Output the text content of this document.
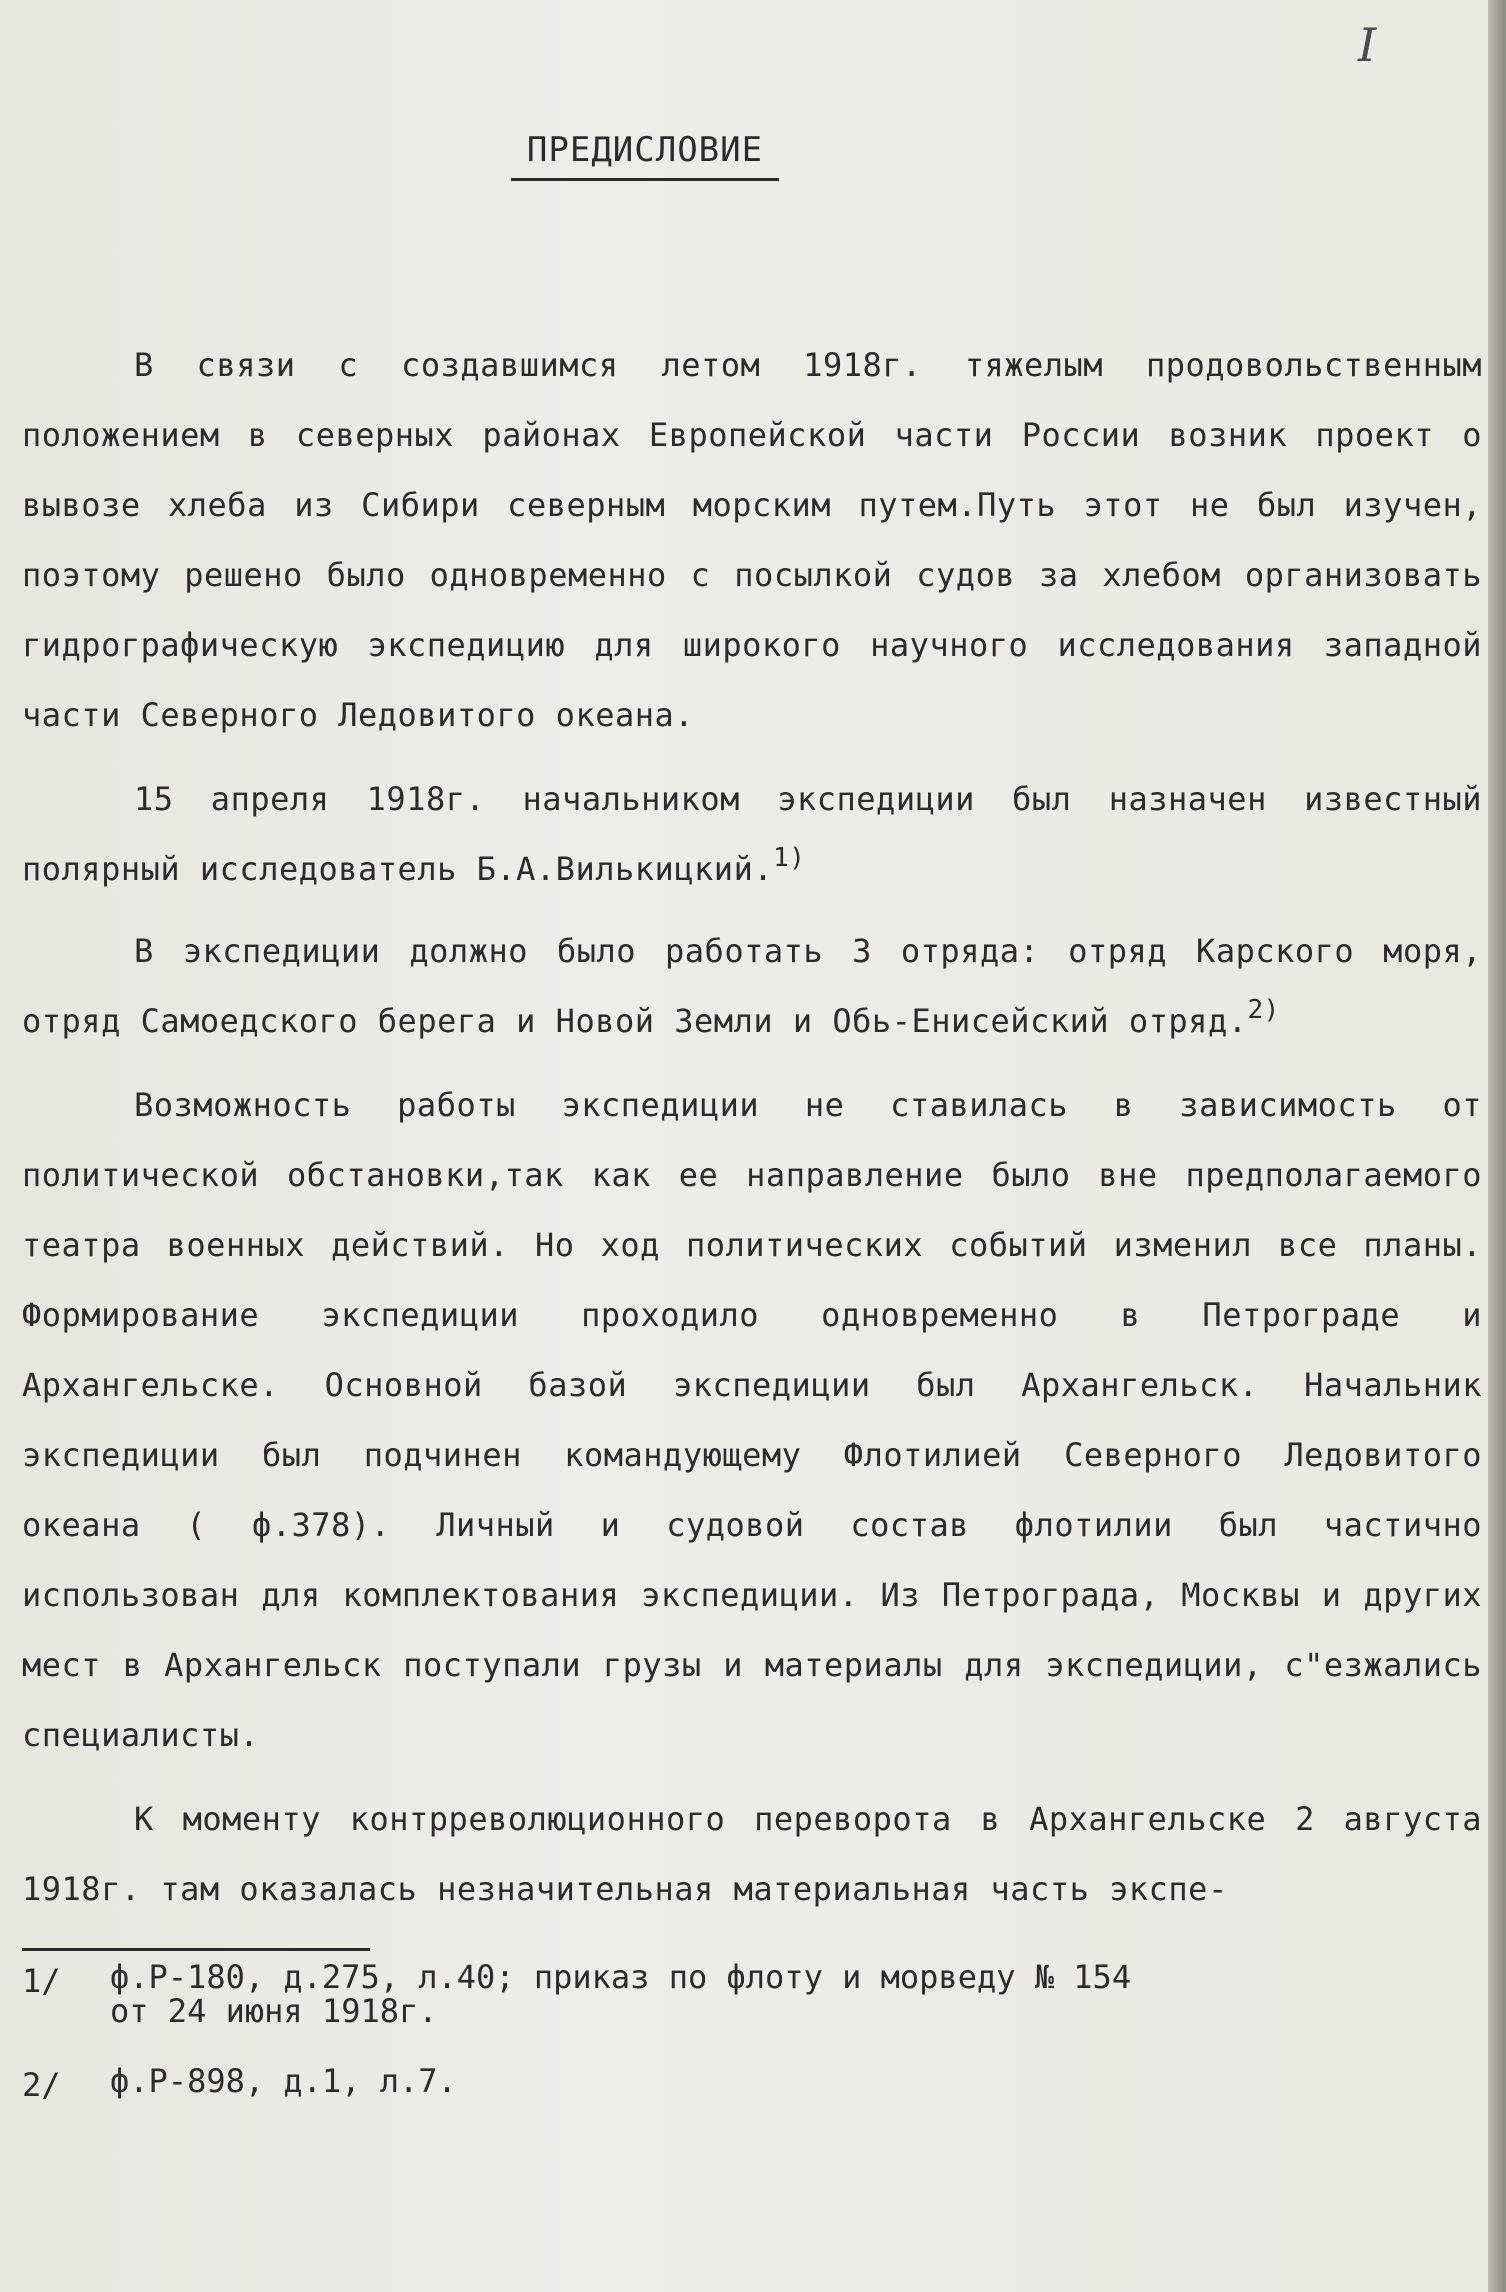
I
ПРЕДИСЛОВИЕ

В связи с создавшимся летом 1918г. тяжелым продовольственным положением в северных районах Европейской части России возник проект о вывозе хлеба из Сибири северным морским путем.Путь этот не был изучен, поэтому решено было одновременно с посылкой судов за хлебом организовать гидрографическую экспедицию для широкого научного исследования западной части Северного Ледовитого океана.

15 апреля 1918г. начальником экспедиции был назначен известный полярный исследователь Б.А.Вилькицкий.$^{1)}$

В экспедиции должно было работать 3 отряда: отряд Карского моря, отряд Самоедского берега и Новой Земли и Обь-Енисейский отряд.$^{2)}$

Возможность работы экспедиции не ставилась в зависимость от политической обстановки,так как ее направление было вне предполагаемого театра военных действий. Но ход политических событий изменил все планы. Формирование экспедиции проходило одновременно в Петрограде и Архангельске. Основной базой экспедиции был Архангельск. Начальник экспедиции был подчинен командующему Флотилией Северного Ледовитого океана ( ф.378). Личный и судовой состав флотилии был частично использован для комплектования экспедиции. Из Петрограда, Москвы и других мест в Архангельск поступали грузы и материалы для экспедиции, с"езжались специалисты.

К моменту контрреволюционного переворота в Архангельске 2 августа 1918г. там оказалась незначительная материальная часть экспе-

1/	ф.Р-180, д.275, л.40; приказ по флоту и морведу № 154
от 24 июня 1918г.
2/	ф.Р-898, д.1, л.7.
